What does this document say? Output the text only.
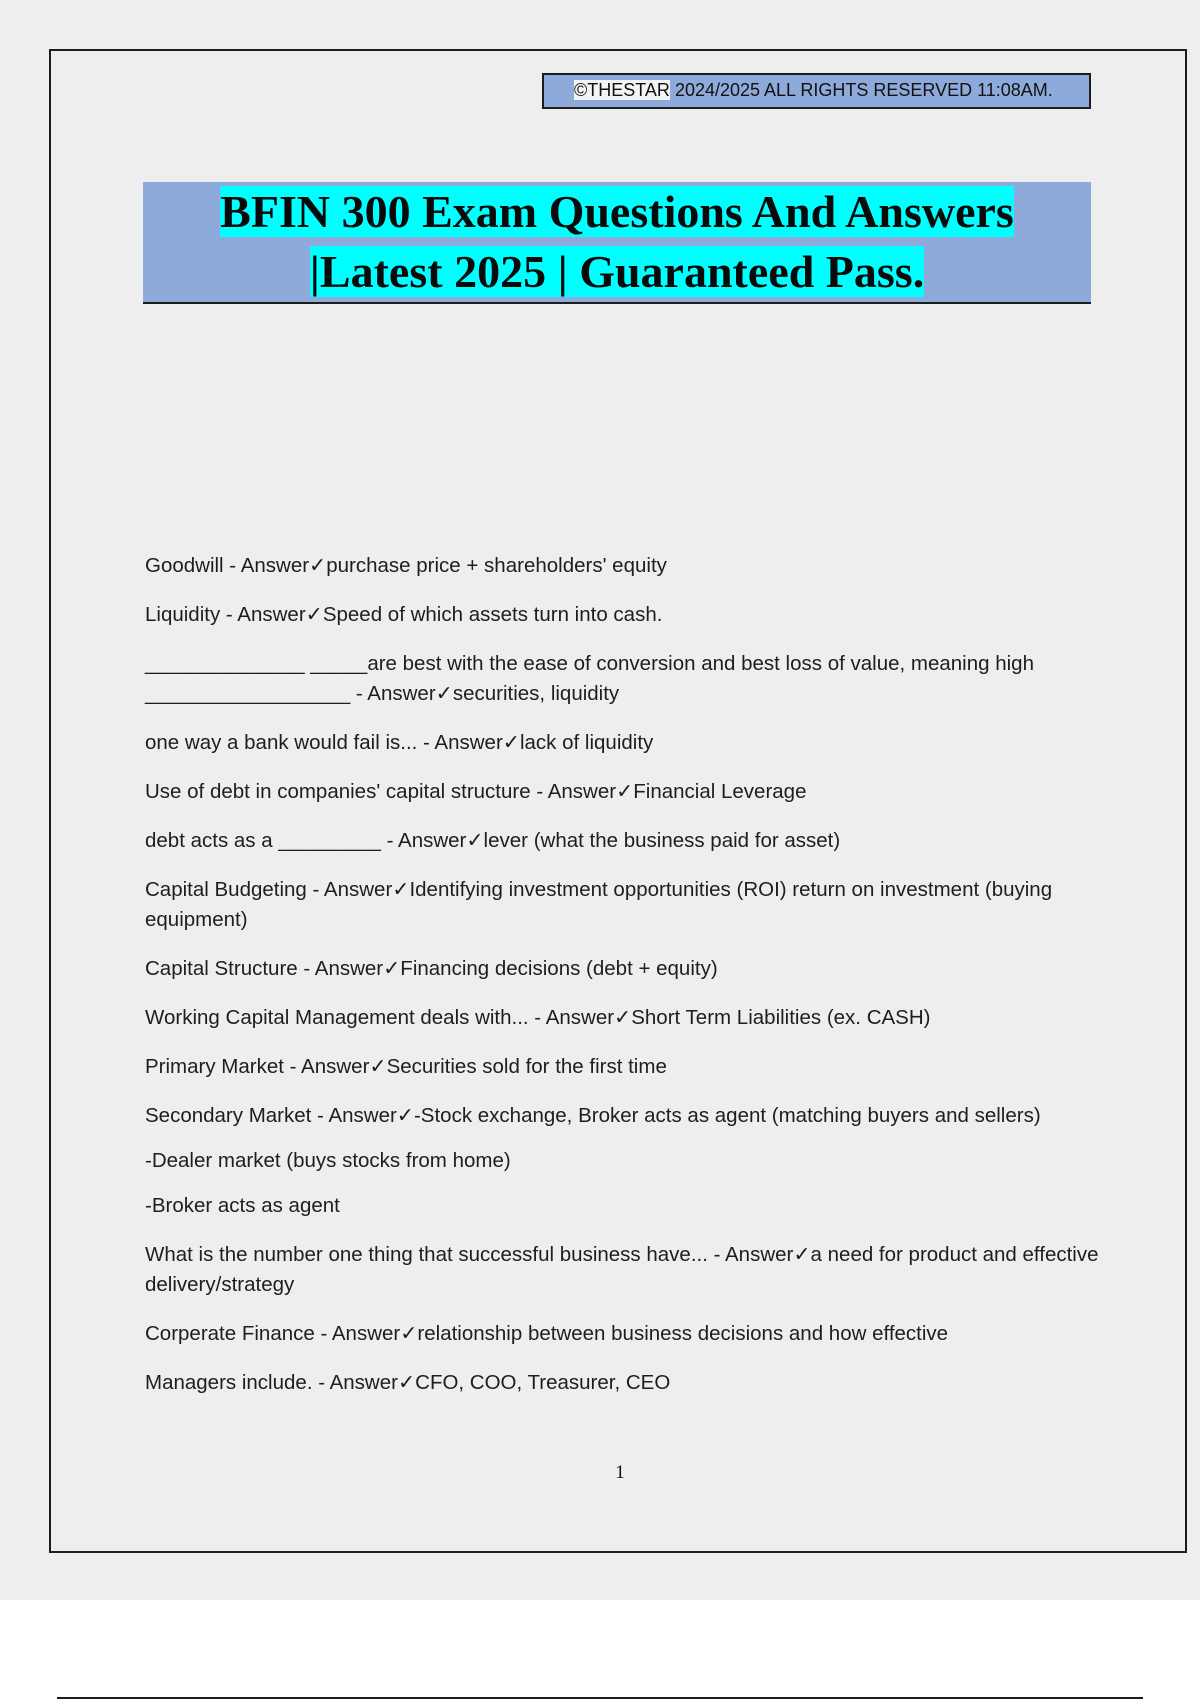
©THESTAR 2024/2025 ALL RIGHTS RESERVED 11:08AM.
BFIN 300 Exam Questions And Answers
|Latest 2025 | Guaranteed Pass.

Goodwill - Answer✓purchase price + shareholders' equity

Liquidity - Answer✓Speed of which assets turn into cash.

______________ _____are best with the ease of conversion and best loss of value, meaning high __________________ - Answer✓securities, liquidity

one way a bank would fail is... - Answer✓lack of liquidity

Use of debt in companies' capital structure - Answer✓Financial Leverage

debt acts as a _________ - Answer✓lever (what the business paid for asset)

Capital Budgeting - Answer✓Identifying investment opportunities (ROI) return on investment (buying equipment)

Capital Structure - Answer✓Financing decisions (debt + equity)

Working Capital Management deals with... - Answer✓Short Term Liabilities (ex. CASH)

Primary Market - Answer✓Securities sold for the first time

Secondary Market - Answer✓-Stock exchange, Broker acts as agent (matching buyers and sellers)

-Dealer market (buys stocks from home)

-Broker acts as agent

What is the number one thing that successful business have... - Answer✓a need for product and effective delivery/strategy

Corperate Finance - Answer✓relationship between business decisions and how effective

Managers include. - Answer✓CFO, COO, Treasurer, CEO

1
